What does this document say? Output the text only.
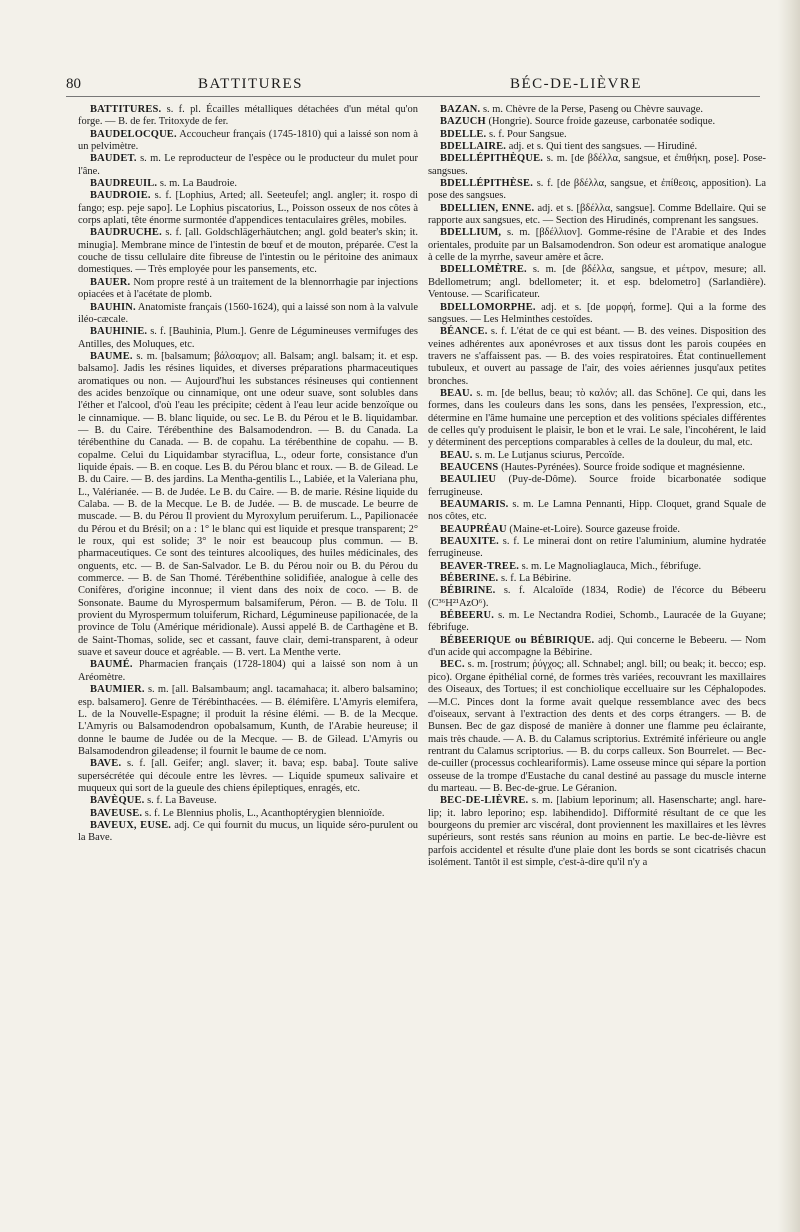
80	BATTITURES	BÉC-DE-LIÈVRE

BATTITURES. s. f. pl. Écailles métalliques détachées d'un métal qu'on forge. — B. de fer. Tritoxyde de fer.

BAUDELOCQUE. Accoucheur français (1745-1810) qui a laissé son nom à un pelvimètre.

BAUDET. s. m. Le reproducteur de l'espèce ou le producteur du mulet pour l'âne.

BAUDREUIL. s. m. La Baudroie.

BAUDROIE. s. f. [Lophius, Arted; all. Seeteufel; angl. angler; it. rospo di fango; esp. peje sapo]. Le Lophius piscatorius, L., Poisson osseux de nos côtes à corps aplati, tête énorme surmontée d'appendices tentaculaires grêles, mobiles.

BAUDRUCHE. s. f. [all. Goldschlägerhäutchen; angl. gold beater's skin; it. minugia]. Membrane mince de l'intestin de bœuf et de mouton, préparée. C'est la couche de tissu cellulaire dite fibreuse de l'intestin ou le péritoine des animaux domestiques. — Très employée pour les pansements, etc.

BAUER. Nom propre resté à un traitement de la blennorrhagie par injections opiacées et à l'acétate de plomb.

BAUHIN. Anatomiste français (1560-1624), qui a laissé son nom à la valvule iléo-cæcale.

BAUHINIE. s. f. [Bauhinia, Plum.]. Genre de Légumineuses vermifuges des Antilles, des Moluques, etc.

BAUME. s. m. [balsamum; βάλσαμον; all. Balsam; angl. balsam; it. et esp. balsamo]. Jadis les résines liquides, et diverses préparations pharmaceutiques aromatiques ou non. — Aujourd'hui les substances résineuses qui contiennent des acides benzoïque ou cinnamique, ont une odeur suave, sont solubles dans l'éther et l'alcool, d'où l'eau les précipite; cèdent à l'eau leur acide benzoïque ou le cinnamique. — B. blanc liquide, ou sec. Le B. du Pérou et le B. liquidambar. — B. du Caire. Térébenthine des Balsamodendron. — B. du Canada. La térébenthine du Canada. — B. de copahu. La térébenthine de copahu. — B. copalme. Celui du Liquidambar styraciflua, L., odeur forte, consistance d'un liquide épais. — B. en coque. Les B. du Pérou blanc et roux. — B. de Gilead. Le B. du Caire. — B. des jardins. La Mentha-gentilis L., Labiée, et la Valeriana phu, L., Valérianée. — B. de Judée. Le B. du Caire. — B. de marie. Résine liquide du Calaba. — B. de la Mecque. Le B. de Judée. — B. de muscade. Le beurre de muscade. — B. du Pérou Il provient du Myroxylum peruiferum. L., Papilionacée du Pérou et du Brésil; on a : 1° le blanc qui est liquide et presque transparent; 2° le roux, qui est solide; 3° le noir est beaucoup plus commun. — B. pharmaceutiques. Ce sont des teintures alcooliques, des huiles médicinales, des onguents, etc. — B. de San-Salvador. Le B. du Pérou noir ou B. du Pérou du commerce. — B. de San Thomé. Térébenthine solidifiée, analogue à celle des Conifères, d'origine inconnue; il vient dans des noix de coco. — B. de Sonsonate. Baume du Myrospermum balsamiferum, Péron. — B. de Tolu. Il provient du Myrospermum toluiferum, Richard, Légumineuse papilionacée, de la province de Tolu (Amérique méridionale). Aussi appelé B. de Carthagène et B. de Saint-Thomas, solide, sec et cassant, fauve clair, demi-transparent, à odeur suave et saveur douce et agréable. — B. vert. La Menthe verte.

BAUMÉ. Pharmacien français (1728-1804) qui a laissé son nom à un Aréomètre.

BAUMIER. s. m. [all. Balsambaum; angl. tacamahaca; it. albero balsamino; esp. balsamero]. Genre de Térébinthacées. — B. élémifère. L'Amyris elemifera, L. de la Nouvelle-Espagne; il produit la résine élémi. — B. de la Mecque. L'Amyris ou Balsamodendron opobalsamum, Kunth, de l'Arabie heureuse; il donne le baume de Judée ou de la Mecque. — B. de Gilead. L'Amyris ou Balsamodendron gileadense; il fournit le baume de ce nom.

BAVE. s. f. [all. Geifer; angl. slaver; it. bava; esp. baba]. Toute salive supersécrétée qui découle entre les lèvres. — Liquide spumeux salivaire et muqueux qui sort de la gueule des chiens épileptiques, enragés, etc.

BAVÈQUE. s. f. La Baveuse.

BAVEUSE. s. f. Le Blennius pholis, L., Acanthoptérygien blennioïde.

BAVEUX, EUSE. adj. Ce qui fournit du mucus, un liquide séro-purulent ou la Bave.

BAZAN. s. m. Chèvre de la Perse, Paseng ou Chèvre sauvage.

BAZUCH (Hongrie). Source froide gazeuse, carbonatée sodique.

BDELLE. s. f. Pour Sangsue.

BDELLAIRE. adj. et s. Qui tient des sangsues. — Hirudiné.

BDELLÉPITHÈQUE. s. m. [de βδέλλα, sangsue, et ἐπιθήκη, pose]. Pose-sangsues.

BDELLÉPITHÈSE. s. f. [de βδέλλα, sangsue, et ἐπίθεσις, apposition). La pose des sangsues.

BDELLIEN, ENNE. adj. et s. [βδέλλα, sangsue]. Comme Bdellaire. Qui se rapporte aux sangsues, etc. — Section des Hirudinés, comprenant les sangsues.

BDELLIUM, s. m. [βδέλλιον]. Gomme-résine de l'Arabie et des Indes orientales, produite par un Balsamodendron. Son odeur est aromatique analogue à celle de la myrrhe, saveur amère et âcre.

BDELLOMÈTRE. s. m. [de βδέλλα, sangsue, et μέτρον, mesure; all. Bdellometrum; angl. bdellometer; it. et esp. bdelometro] (Sarlandière). Ventouse. — Scarificateur.

BDELLOMORPHE. adj. et s. [de μορφή, forme]. Qui a la forme des sangsues. — Les Helminthes cestoïdes.

BÉANCE. s. f. L'état de ce qui est béant. — B. des veines. Disposition des veines adhérentes aux aponévroses et aux tissus dont les parois coupées en travers ne s'affaissent pas. — B. des voies respiratoires. État continuellement tubuleux, et ouvert au passage de l'air, des voies aériennes jusqu'aux petites bronches.

BEAU. s. m. [de bellus, beau; τὸ καλόν; all. das Schöne]. Ce qui, dans les formes, dans les couleurs dans les sons, dans les pensées, l'expression, etc., détermine en l'âme humaine une perception et des volitions spéciales différentes de celles qu'y produisent le plaisir, le bon et le vrai. Le sale, l'incohérent, le laid y déterminent des perceptions comparables à celles de la douleur, du mal, etc.

BEAU. s. m. Le Lutjanus sciurus, Percoïde.

BEAUCENS (Hautes-Pyrénées). Source froide sodique et magnésienne.

BEAULIEU (Puy-de-Dôme). Source froide bicarbonatée sodique ferrugineuse.

BEAUMARIS. s. m. Le Lamna Pennanti, Hipp. Cloquet, grand Squale de nos côtes, etc.

BEAUPRÉAU (Maine-et-Loire). Source gazeuse froide.

BEAUXITE. s. f. Le minerai dont on retire l'aluminium, alumine hydratée ferrugineuse.

BEAVER-TREE. s. m. Le Magnoliaglauca, Mich., fébrifuge.

BÉBERINE. s. f. La Bébirine.

BÉBIRINE. s. f. Alcaloïde (1834, Rodie) de l'écorce du Bébeeru (C³⁶H²¹AzO⁶).

BÉBEERU. s. m. Le Nectandra Rodiei, Schomb., Lauracée de la Guyane; fébrifuge.

BÉBEERIQUE ou BÉBIRIQUE. adj. Qui concerne le Bebeeru. — Nom d'un acide qui accompagne la Bébirine.

BEC. s. m. [rostrum; ῥύγχος; all. Schnabel; angl. bill; ou beak; it. becco; esp. pico). Organe épithélial corné, de formes très variées, recouvrant les maxillaires des Oiseaux, des Tortues; il est conchiolique eccelluaire sur les Céphalopodes. —M.C. Pinces dont la forme avait quelque ressemblance avec des becs d'oiseaux, servant à l'extraction des dents et des corps étrangers. — B. de Bunsen. Bec de gaz disposé de manière à donner une flamme peu éclairante, mais très chaude. — A. B. du Calamus scriptorius. Extrémité inférieure ou angle rentrant du Calamus scriptorius. — B. du corps calleux. Son Bourrelet. — Bec-de-cuiller (processus cochleariformis). Lame osseuse mince qui sépare la portion osseuse de la trompe d'Eustache du canal destiné au passage du muscle interne du marteau. — B. Bec-de-grue. Le Géranion.

BEC-DE-LIÈVRE. s. m. [labium leporinum; all. Hasenscharte; angl. hare-lip; it. labro leporino; esp. labihendido]. Difformité résultant de ce que les bourgeons du premier arc viscéral, dont proviennent les maxillaires et les lèvres supérieurs, sont restés sans réunion au moins en partie. Le bec-de-lièvre est parfois accidentel et résulte d'une plaie dont les bords se sont cicatrisés chacun isolément. Tantôt il est simple, c'est-à-dire qu'il n'y a
